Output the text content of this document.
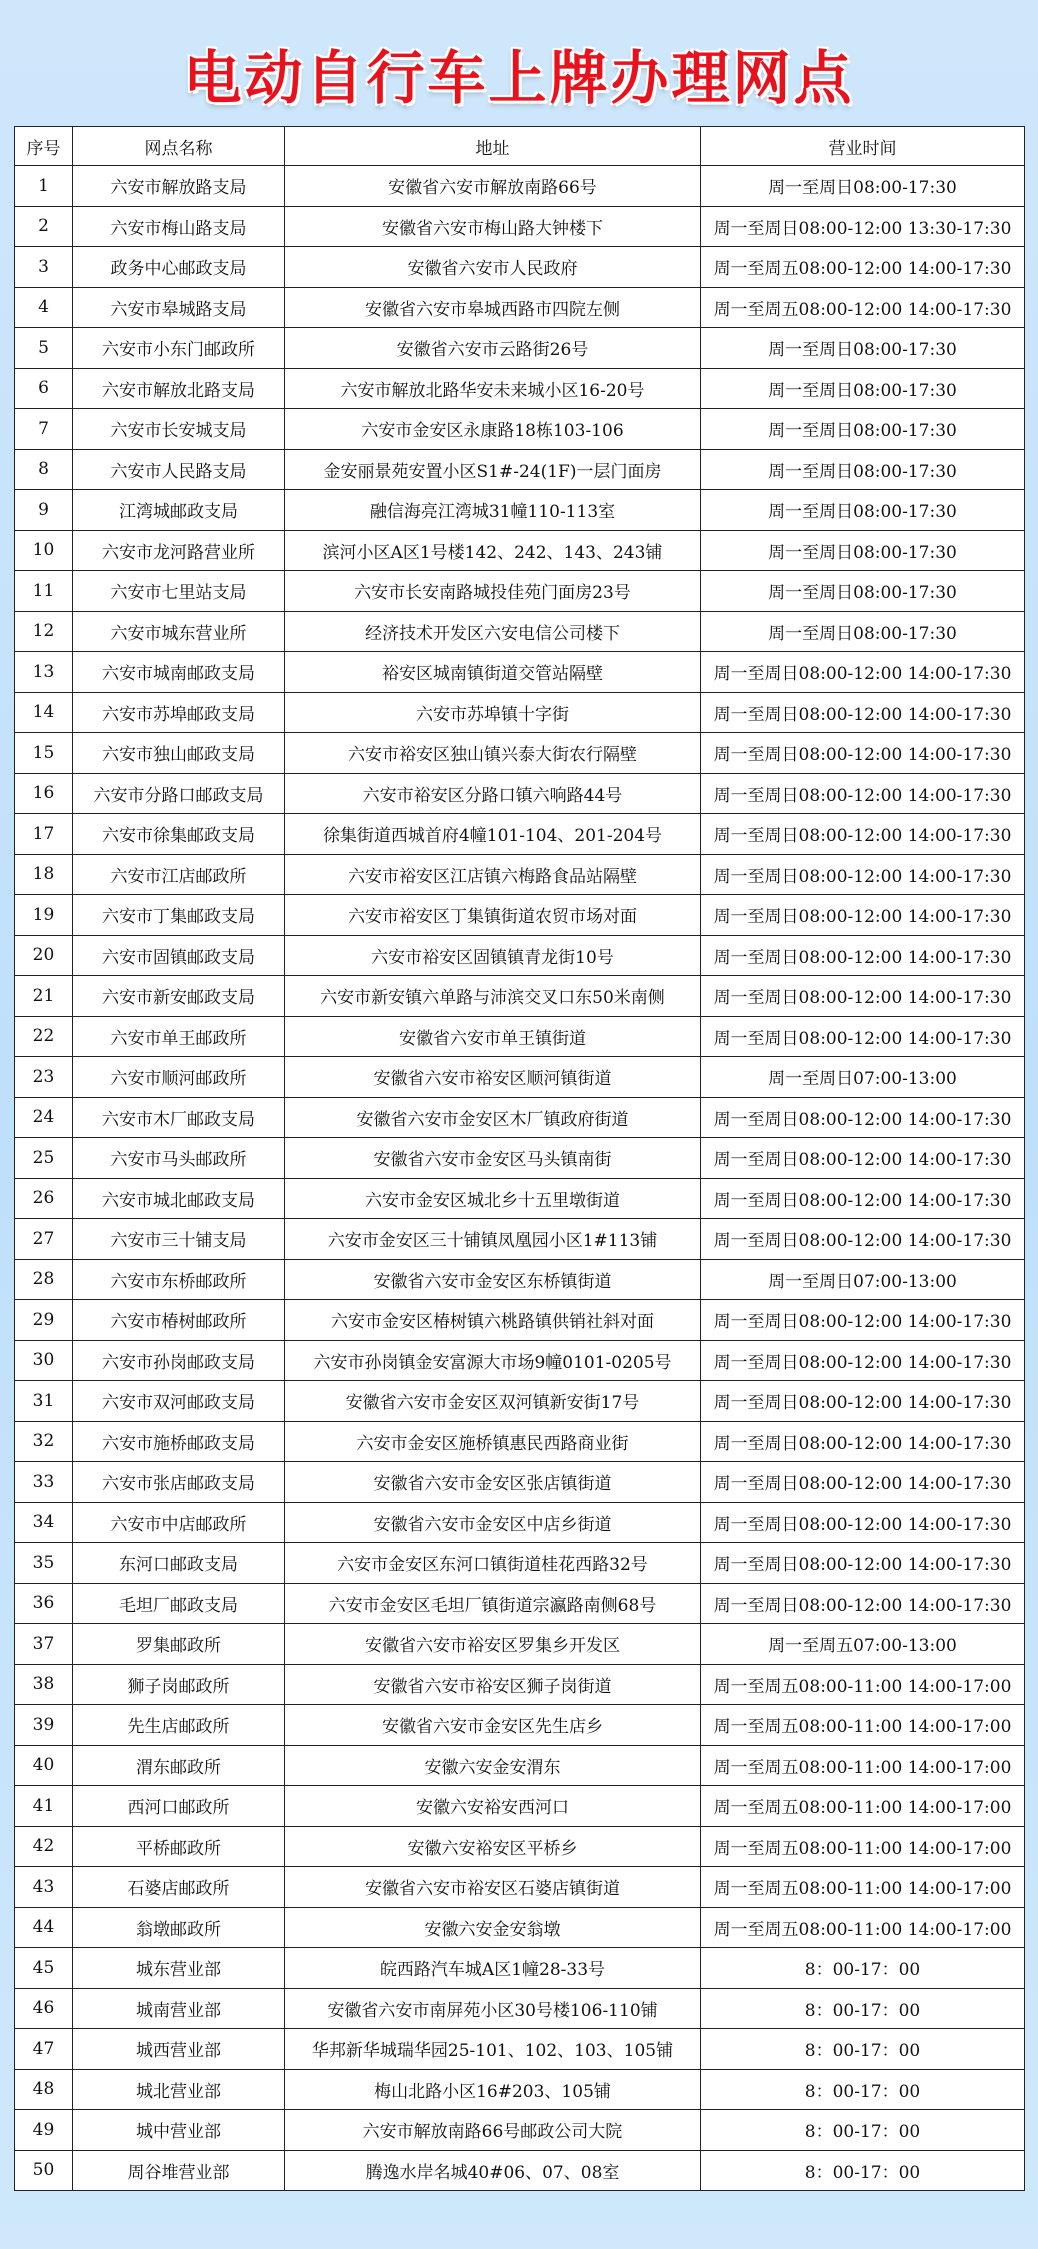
电动自行车上牌办理网点
序号	网点名称	地址	营业时间
1	六安市解放路支局	安徽省六安市解放南路66号	周一至周日08:00-17:30
2	六安市梅山路支局	安徽省六安市梅山路大钟楼下	周一至周日08:00-12:00 13:30-17:30
3	政务中心邮政支局	安徽省六安市人民政府	周一至周五08:00-12:00 14:00-17:30
4	六安市皋城路支局	安徽省六安市皋城西路市四院左侧	周一至周五08:00-12:00 14:00-17:30
5	六安市小东门邮政所	安徽省六安市云路街26号	周一至周日08:00-17:30
6	六安市解放北路支局	六安市解放北路华安未来城小区16-20号	周一至周日08:00-17:30
7	六安市长安城支局	六安市金安区永康路18栋103-106	周一至周日08:00-17:30
8	六安市人民路支局	金安丽景苑安置小区S1#-24(1F)一层门面房	周一至周日08:00-17:30
9	江湾城邮政支局	融信海亮江湾城31幢110-113室	周一至周日08:00-17:30
10	六安市龙河路营业所	滨河小区A区1号楼142、242、143、243铺	周一至周日08:00-17:30
11	六安市七里站支局	六安市长安南路城投佳苑门面房23号	周一至周日08:00-17:30
12	六安市城东营业所	经济技术开发区六安电信公司楼下	周一至周日08:00-17:30
13	六安市城南邮政支局	裕安区城南镇街道交管站隔壁	周一至周日08:00-12:00 14:00-17:30
14	六安市苏埠邮政支局	六安市苏埠镇十字街	周一至周日08:00-12:00 14:00-17:30
15	六安市独山邮政支局	六安市裕安区独山镇兴泰大街农行隔壁	周一至周日08:00-12:00 14:00-17:30
16	六安市分路口邮政支局	六安市裕安区分路口镇六响路44号	周一至周日08:00-12:00 14:00-17:30
17	六安市徐集邮政支局	徐集街道西城首府4幢101-104、201-204号	周一至周日08:00-12:00 14:00-17:30
18	六安市江店邮政所	六安市裕安区江店镇六梅路食品站隔壁	周一至周日08:00-12:00 14:00-17:30
19	六安市丁集邮政支局	六安市裕安区丁集镇街道农贸市场对面	周一至周日08:00-12:00 14:00-17:30
20	六安市固镇邮政支局	六安市裕安区固镇镇青龙街10号	周一至周日08:00-12:00 14:00-17:30
21	六安市新安邮政支局	六安市新安镇六单路与沛滨交叉口东50米南侧	周一至周日08:00-12:00 14:00-17:30
22	六安市单王邮政所	安徽省六安市单王镇街道	周一至周日08:00-12:00 14:00-17:30
23	六安市顺河邮政所	安徽省六安市裕安区顺河镇街道	周一至周日07:00-13:00
24	六安市木厂邮政支局	安徽省六安市金安区木厂镇政府街道	周一至周日08:00-12:00 14:00-17:30
25	六安市马头邮政所	安徽省六安市金安区马头镇南街	周一至周日08:00-12:00 14:00-17:30
26	六安市城北邮政支局	六安市金安区城北乡十五里墩街道	周一至周日08:00-12:00 14:00-17:30
27	六安市三十铺支局	六安市金安区三十铺镇凤凰园小区1#113铺	周一至周日08:00-12:00 14:00-17:30
28	六安市东桥邮政所	安徽省六安市金安区东桥镇街道	周一至周日07:00-13:00
29	六安市椿树邮政所	六安市金安区椿树镇六桃路镇供销社斜对面	周一至周日08:00-12:00 14:00-17:30
30	六安市孙岗邮政支局	六安市孙岗镇金安富源大市场9幢0101-0205号	周一至周日08:00-12:00 14:00-17:30
31	六安市双河邮政支局	安徽省六安市金安区双河镇新安街17号	周一至周日08:00-12:00 14:00-17:30
32	六安市施桥邮政支局	六安市金安区施桥镇惠民西路商业街	周一至周日08:00-12:00 14:00-17:30
33	六安市张店邮政支局	安徽省六安市金安区张店镇街道	周一至周日08:00-12:00 14:00-17:30
34	六安市中店邮政所	安徽省六安市金安区中店乡街道	周一至周日08:00-12:00 14:00-17:30
35	东河口邮政支局	六安市金安区东河口镇街道桂花西路32号	周一至周日08:00-12:00 14:00-17:30
36	毛坦厂邮政支局	六安市金安区毛坦厂镇街道宗瀛路南侧68号	周一至周日08:00-12:00 14:00-17:30
37	罗集邮政所	安徽省六安市裕安区罗集乡开发区	周一至周五07:00-13:00
38	狮子岗邮政所	安徽省六安市裕安区狮子岗街道	周一至周五08:00-11:00 14:00-17:00
39	先生店邮政所	安徽省六安市金安区先生店乡	周一至周五08:00-11:00 14:00-17:00
40	渭东邮政所	安徽六安金安渭东	周一至周五08:00-11:00 14:00-17:00
41	西河口邮政所	安徽六安裕安西河口	周一至周五08:00-11:00 14:00-17:00
42	平桥邮政所	安徽六安裕安区平桥乡	周一至周五08:00-11:00 14:00-17:00
43	石婆店邮政所	安徽省六安市裕安区石婆店镇街道	周一至周五08:00-11:00 14:00-17:00
44	翁墩邮政所	安徽六安金安翁墩	周一至周五08:00-11:00 14:00-17:00
45	城东营业部	皖西路汽车城A区1幢28-33号	8：00-17：00
46	城南营业部	安徽省六安市南屏苑小区30号楼106-110铺	8：00-17：00
47	城西营业部	华邦新华城瑞华园25-101、102、103、105铺	8：00-17：00
48	城北营业部	梅山北路小区16#203、105铺	8：00-17：00
49	城中营业部	六安市解放南路66号邮政公司大院	8：00-17：00
50	周谷堆营业部	腾逸水岸名城40#06、07、08室	8：00-17：00
